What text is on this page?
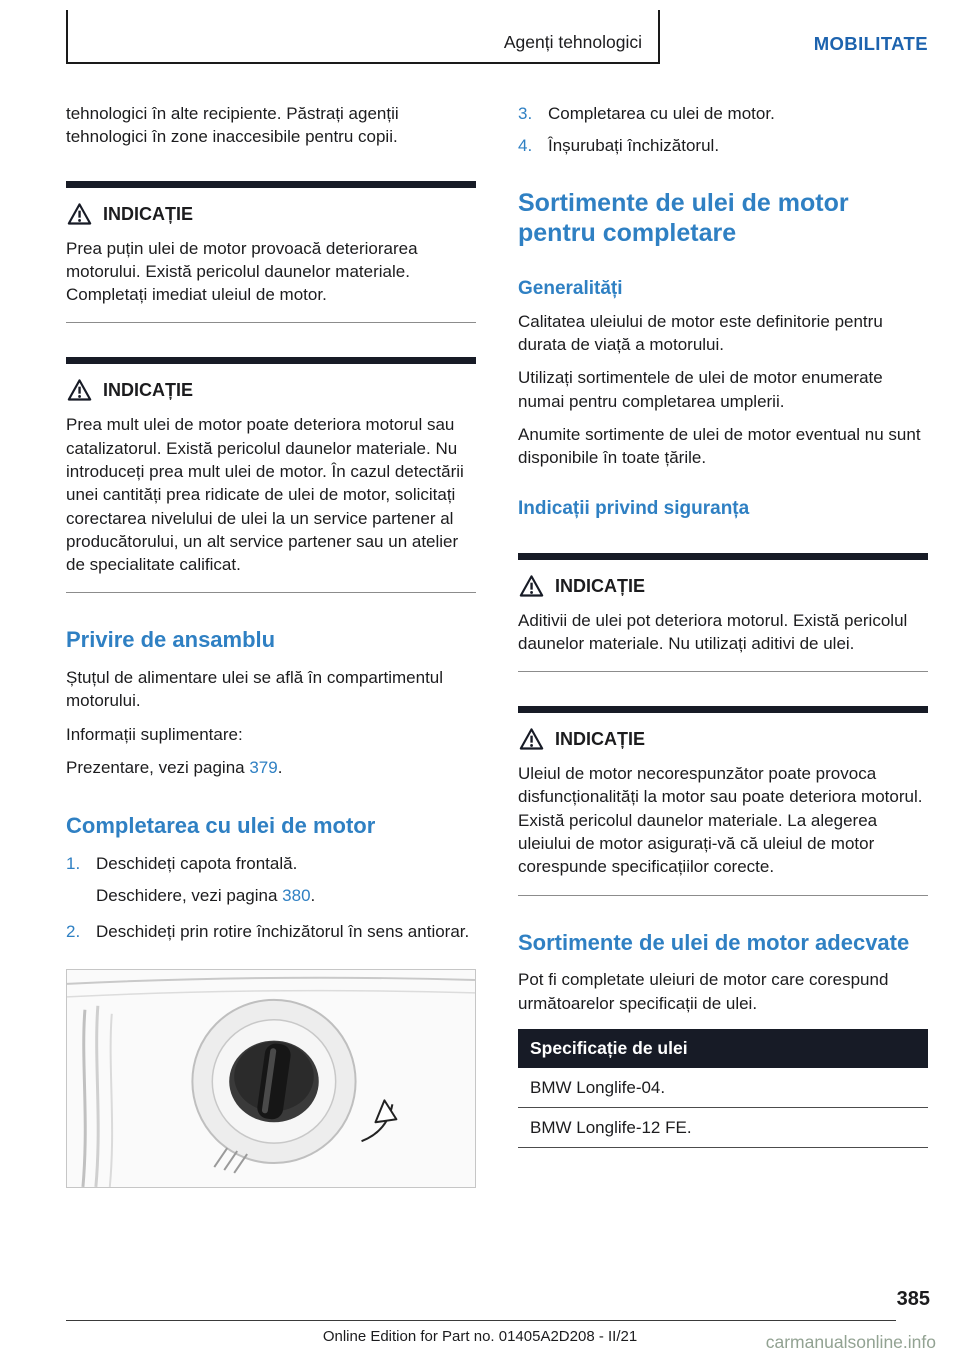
Agenți tehnologici	MOBILITATE

tehnologici în alte recipiente. Păstrați agenții tehnologici în zone inaccesibile pentru copii.

INDICAȚIE

Prea puțin ulei de motor provoacă deteriorarea motorului. Există pericolul daunelor materiale. Completați imediat uleiul de motor.

INDICAȚIE

Prea mult ulei de motor poate deteriora motorul sau catalizatorul. Există pericolul daunelor materiale. Nu introduceți prea mult ulei de motor. În cazul detectării unei cantități prea ridicate de ulei de motor, solicitați corectarea nivelului de ulei la un service partener al producătorului, un alt service partener sau un atelier de specialitate calificat.

Privire de ansamblu

Ștuțul de alimentare ulei se află în compartimentul motorului.

Informații suplimentare:

Prezentare, vezi pagina 379.

Completarea cu ulei de motor
1. Deschideți capota frontală.

Deschidere, vezi pagina 380.

2. Deschideți prin rotire închizătorul în sens antiorar.
3. Completarea cu ulei de motor.
4. Înșurubați închizătorul.
Sortimente de ulei de motor pentru completare
Generalități

Calitatea uleiului de motor este definitorie pentru durata de viață a motorului.

Utilizați sortimentele de ulei de motor enumerate numai pentru completarea umplerii.

Anumite sortimente de ulei de motor eventual nu sunt disponibile în toate țările.

Indicații privind siguranța
INDICAȚIE

Aditivii de ulei pot deteriora motorul. Există pericolul daunelor materiale. Nu utilizați aditivi de ulei.

INDICAȚIE

Uleiul de motor necorespunzător poate provoca disfuncționalități la motor sau poate deteriora motorul. Există pericolul daunelor materiale. La alegerea uleiului de motor asigurați-vă că uleiul de motor corespunde specificațiilor corecte.

Sortimente de ulei de motor adecvate

Pot fi completate uleiuri de motor care corespund următoarelor specificații de ulei.

Specificație de ulei
BMW Longlife-04.
BMW Longlife-12 FE.
385
Online Edition for Part no. 01405A2D208 - II/21	carmanualsonline.info
